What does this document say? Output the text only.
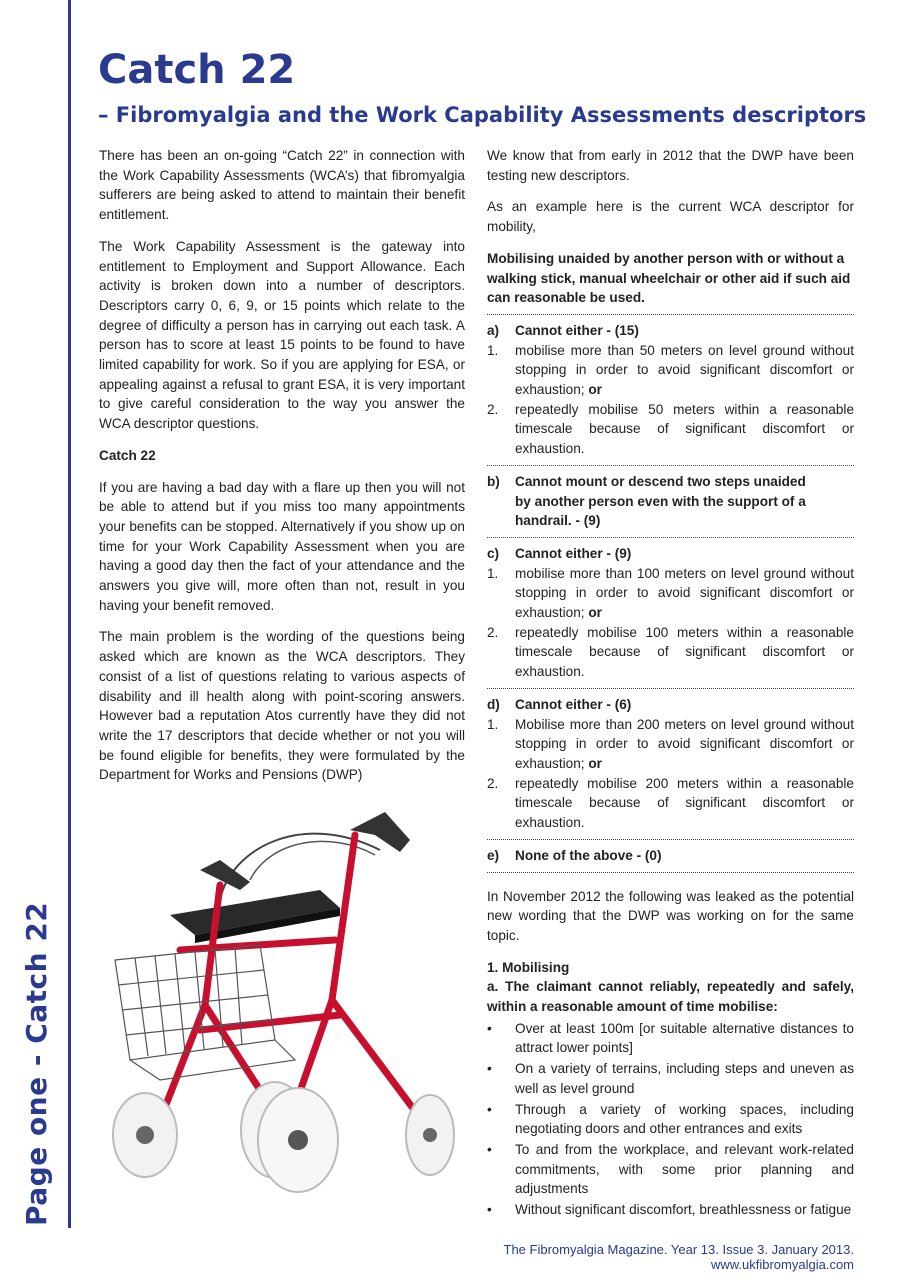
Page one - Catch 22
Catch 22
– Fibromyalgia and the Work Capability Assessments descriptors

There has been an on-going “Catch 22” in connection with the Work Capability Assessments (WCA’s) that fibromyalgia sufferers are being asked to attend to maintain their benefit entitlement.

The Work Capability Assessment is the gateway into entitlement to Employment and Support Allowance. Each activity is broken down into a number of descriptors. Descriptors carry 0, 6, 9, or 15 points which relate to the degree of difficulty a person has in carrying out each task. A person has to score at least 15 points to be found to have limited capability for work. So if you are applying for ESA, or appealing against a refusal to grant ESA, it is very important to give careful consideration to the way you answer the WCA descriptor questions.

Catch 22

If you are having a bad day with a flare up then you will not be able to attend but if you miss too many appointments your benefits can be stopped. Alternatively if you show up on time for your Work Capability Assessment when you are having a good day then the fact of your attendance and the answers you give will, more often than not, result in you having your benefit removed.

The main problem is the wording of the questions being asked which are known as the WCA descriptors. They consist of a list of questions relating to various aspects of disability and ill health along with point-scoring answers. However bad a reputation Atos currently have they did not write the 17 descriptors that decide whether or not you will be found eligible for benefits, they were formulated by the Department for Works and Pensions (DWP)

We know that from early in 2012 that the DWP have been testing new descriptors.

As an example here is the current WCA descriptor for mobility,

Mobilising unaided by another person with or without a walking stick, manual wheelchair or other aid if such aid can reasonable be used.

a)	Cannot either - (15)
1.	mobilise more than 50 meters on level ground without stopping in order to avoid significant discomfort or exhaustion; or
2.	repeatedly mobilise 50 meters within a reasonable timescale because of significant discomfort or exhaustion.
b)	Cannot mount or descend two steps unaided by another person even with the support of a handrail. - (9)
c)	Cannot either - (9)
1.	mobilise more than 100 meters on level ground without stopping in order to avoid significant discomfort or exhaustion; or
2.	repeatedly mobilise 100 meters within a reasonable timescale because of significant discomfort or exhaustion.
d)	Cannot either - (6)
1.	Mobilise more than 200 meters on level ground without stopping in order to avoid significant discomfort or exhaustion; or
2.	repeatedly mobilise 200 meters within a reasonable timescale because of significant discomfort or exhaustion.
e)	None of the above - (0)

In November 2012 the following was leaked as the potential new wording that the DWP was working on for the same topic.

1. Mobilising

a. The claimant cannot reliably, repeatedly and safely, within a reasonable amount of time mobilise:

•	Over at least 100m [or suitable alternative distances to attract lower points]
•	On a variety of terrains, including steps and uneven as well as level ground
•	Through a variety of working spaces, including negotiating doors and other entrances and exits
•	To and from the workplace, and relevant work-related commitments, with some prior planning and adjustments
•	Without significant discomfort, breathlessness or fatigue
The Fibromyalgia Magazine. Year 13. Issue 3. January 2013. www.ukfibromyalgia.com
